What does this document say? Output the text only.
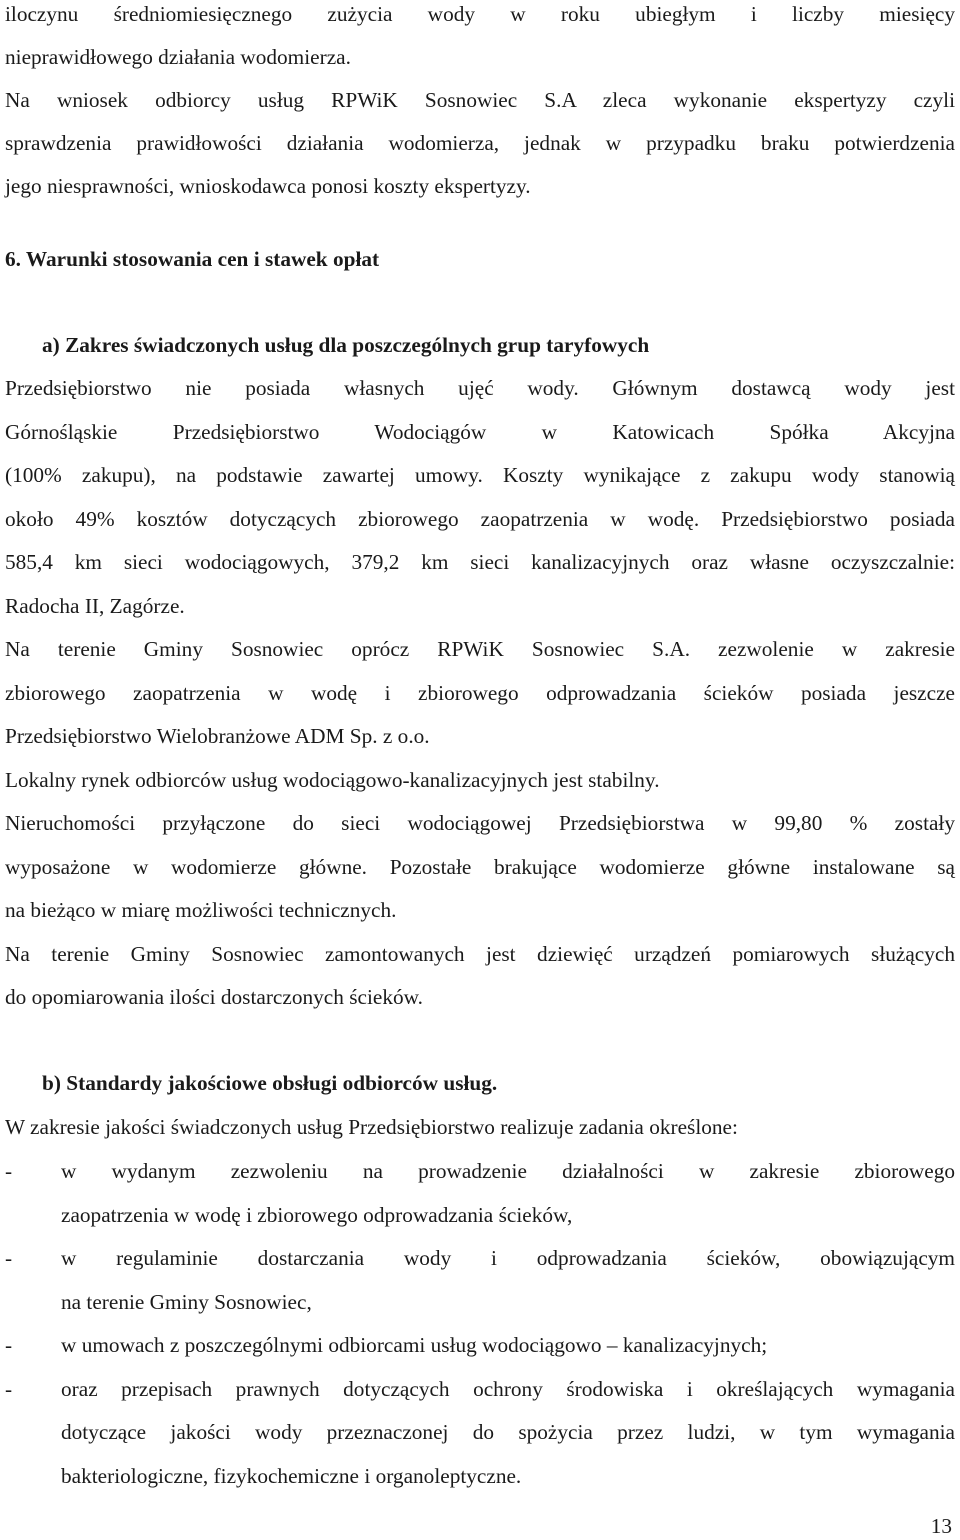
iloczynu średniomiesięcznego zużycia wody w roku ubiegłym i liczby miesięcy
nieprawidłowego działania wodomierza.
Na wniosek odbiorcy usług RPWiK Sosnowiec S.A zleca wykonanie ekspertyzy czyli
sprawdzenia prawidłowości działania wodomierza, jednak w przypadku braku potwierdzenia
jego niesprawności, wnioskodawca ponosi koszty ekspertyzy.
6. Warunki stosowania cen i stawek opłat
a) Zakres świadczonych usług dla poszczególnych grup taryfowych
Przedsiębiorstwo nie posiada własnych ujęć wody. Głównym dostawcą wody jest
Górnośląskie Przedsiębiorstwo Wodociągów w Katowicach Spółka Akcyjna
(100% zakupu), na podstawie zawartej umowy. Koszty wynikające z zakupu wody stanowią
około 49% kosztów dotyczących zbiorowego zaopatrzenia w wodę. Przedsiębiorstwo posiada
585,4 km sieci wodociągowych, 379,2 km sieci kanalizacyjnych oraz własne oczyszczalnie:
Radocha II, Zagórze.
Na terenie Gminy Sosnowiec oprócz RPWiK Sosnowiec S.A. zezwolenie w zakresie
zbiorowego zaopatrzenia w wodę i zbiorowego odprowadzania ścieków posiada jeszcze
Przedsiębiorstwo Wielobranżowe ADM Sp. z o.o.
Lokalny rynek odbiorców usług wodociągowo-kanalizacyjnych jest stabilny.
Nieruchomości przyłączone do sieci wodociągowej Przedsiębiorstwa w 99,80 % zostały
wyposażone w wodomierze główne. Pozostałe brakujące wodomierze główne instalowane są
na bieżąco w miarę możliwości technicznych.
Na terenie Gminy Sosnowiec zamontowanych jest dziewięć urządzeń pomiarowych służących
do opomiarowania ilości dostarczonych ścieków.
b) Standardy jakościowe obsługi odbiorców usług.
W zakresie jakości świadczonych usług Przedsiębiorstwo realizuje zadania określone:
- w wydanym zezwoleniu na prowadzenie działalności w zakresie zbiorowego
zaopatrzenia w wodę i zbiorowego odprowadzania ścieków,
- w regulaminie dostarczania wody i odprowadzania ścieków, obowiązującym
na terenie Gminy Sosnowiec,
- w umowach z poszczególnymi odbiorcami usług wodociągowo – kanalizacyjnych;
- oraz przepisach prawnych dotyczących ochrony środowiska i określających wymagania
dotyczące jakości wody przeznaczonej do spożycia przez ludzi, w tym wymagania
bakteriologiczne, fizykochemiczne i organoleptyczne.
13
